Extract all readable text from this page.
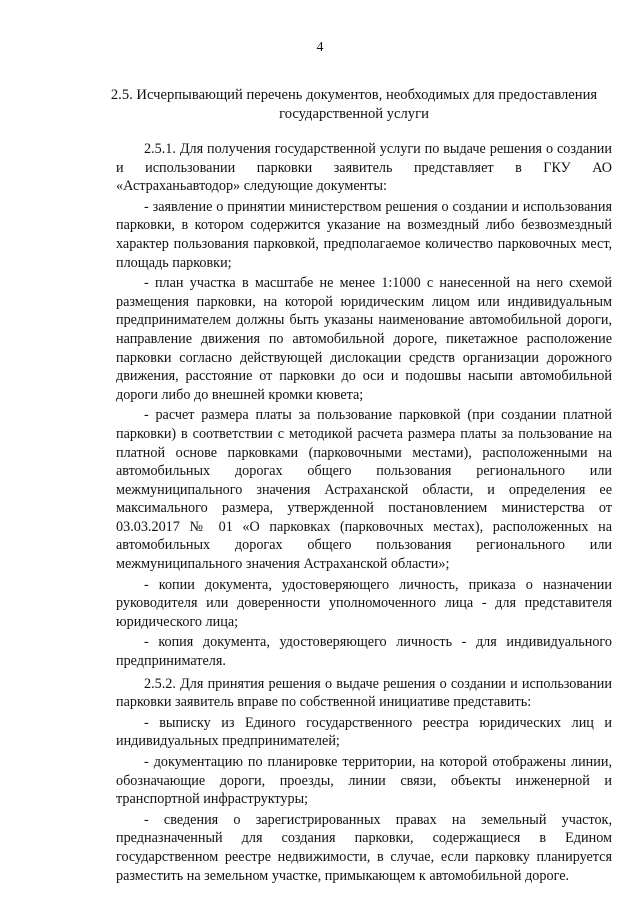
4
2.5. Исчерпывающий перечень документов, необходимых для предоставления государственной услуги

2.5.1. Для получения государственной услуги по выдаче решения о создании и использовании парковки заявитель представляет в ГКУ АО «Астраханьавтодор» следующие документы:

- заявление о принятии министерством решения о создании и использования парковки, в котором содержится указание на возмездный либо безвозмездный характер пользования парковкой, предполагаемое количество парковочных мест, площадь парковки;

- план участка в масштабе не менее 1:1000 с нанесенной на него схемой размещения парковки, на которой юридическим лицом или индивидуальным предпринимателем должны быть указаны наименование автомобильной дороги, направление движения по автомобильной дороге, пикетажное расположение парковки согласно действующей дислокации средств организации дорожного движения, расстояние от парковки до оси и подошвы насыпи автомобильной дороги либо до внешней кромки кювета;

- расчет размера платы за пользование парковкой (при создании платной парковки) в соответствии с методикой расчета размера платы за пользование на платной основе парковками (парковочными местами), расположенными на автомобильных дорогах общего пользования регионального или межмуниципального значения Астраханской области, и определения ее максимального размера, утвержденной постановлением министерства от 03.03.2017 № 01 «О парковках (парковочных местах), расположенных на автомобильных дорогах общего пользования регионального или межмуниципального значения Астраханской области»;

- копии документа, удостоверяющего личность, приказа о назначении руководителя или доверенности уполномоченного лица - для представителя юридического лица;

- копия документа, удостоверяющего личность - для индивидуального предпринимателя.

2.5.2. Для принятия решения о выдаче решения о создании и использовании парковки заявитель вправе по собственной инициативе представить:

- выписку из Единого государственного реестра юридических лиц и индивидуальных предпринимателей;

- документацию по планировке территории, на которой отображены линии, обозначающие дороги, проезды, линии связи, объекты инженерной и транспортной инфраструктуры;

- сведения о зарегистрированных правах на земельный участок, предназначенный для создания парковки, содержащиеся в Едином государственном реестре недвижимости, в случае, если парковку планируется разместить на земельном участке, примыкающем к автомобильной дороге.
